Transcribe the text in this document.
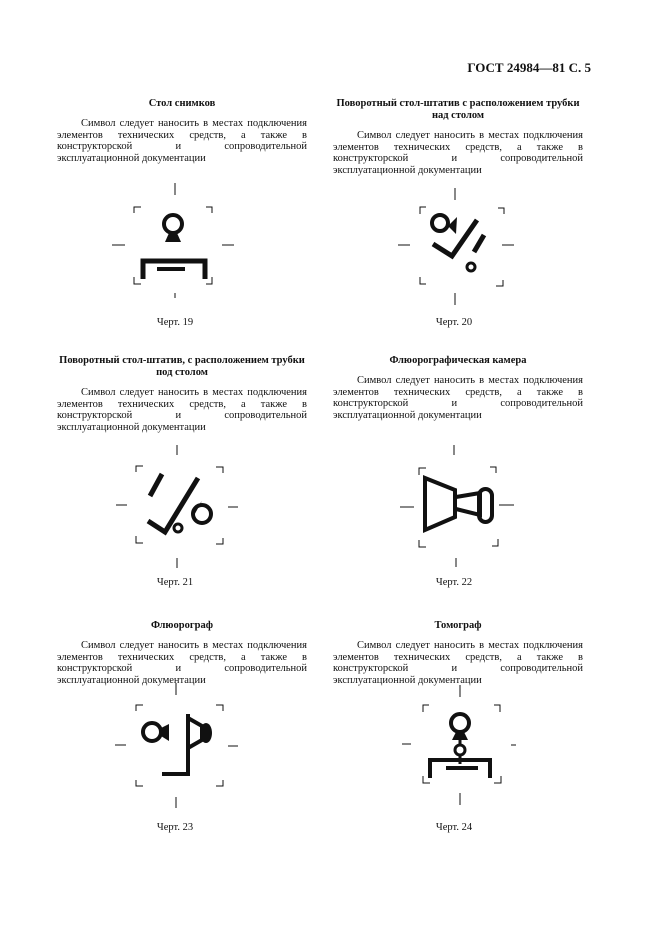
ГОСТ 24984—81 С. 5
Стол снимков
Символ следует наносить в местах подключения элементов технических средств, а также в конструкторской и сопроводительной эксплуатационной документации
Черт. 19
Поворотный стол-штатив с расположением трубки над столом
Символ следует наносить в местах подключения элементов технических средств, а также в конструкторской и сопроводительной эксплуатационной документации
Черт. 20
Поворотный стол-штатив, с расположением трубки под столом
Символ следует наносить в местах подключения элементов технических средств, а также в конструкторской и сопроводительной эксплуатационной документации
Черт. 21
Флюорографическая камера
Символ следует наносить в местах подключения элементов технических средств, а также в конструкторской и сопроводительной эксплуатационной документации
Черт. 22
Флюорограф
Символ следует наносить в местах подключения элементов технических средств, а также в конструкторской и сопроводительной эксплуатационной документации
Черт. 23
Томограф
Символ следует наносить в местах подключения элементов технических средств, а также в конструкторской и сопроводительной эксплуатационной документации
Черт. 24
